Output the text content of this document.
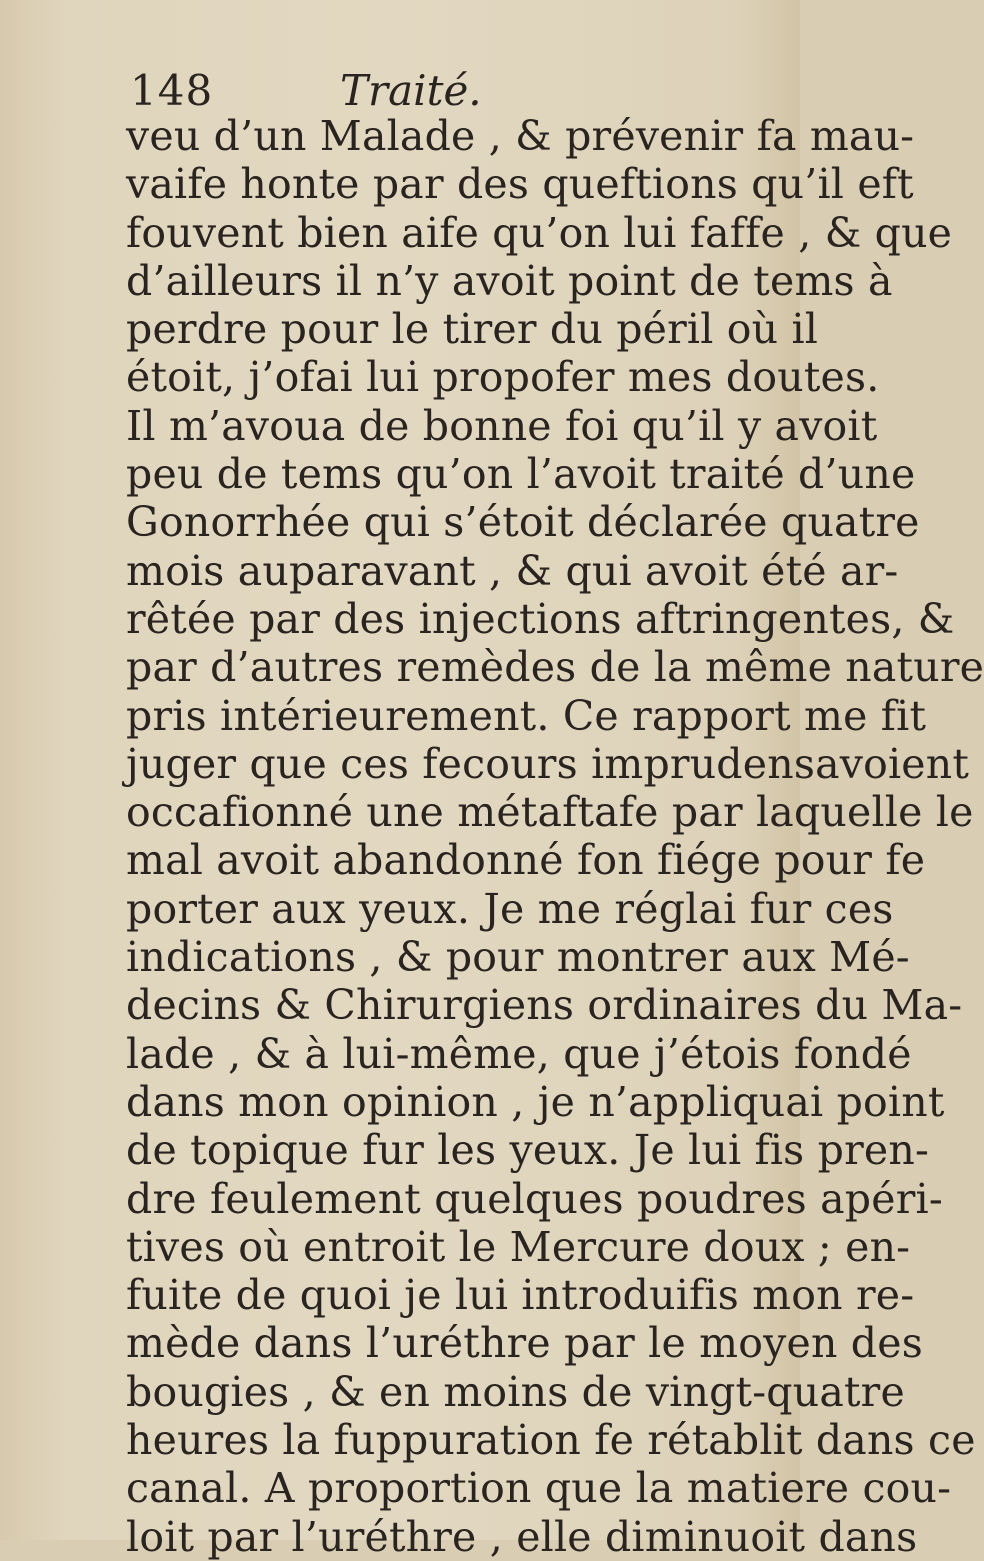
148	Traité.
veu d’un Malade , & prévenir fa mau-
vaife honte par des queftions qu’il eft
fouvent bien aife qu’on lui faffe , & que
d’ailleurs il n’y avoit point de tems à
perdre pour le tirer du péril où il
étoit, j’ofai lui propofer mes doutes.
Il m’avoua de bonne foi qu’il y avoit
peu de tems qu’on l’avoit traité d’une
Gonorrhée qui s’étoit déclarée quatre
mois auparavant , & qui avoit été ar-
rêtée par des injections aftringentes, &
par d’autres remèdes de la même nature
pris intérieurement. Ce rapport me fit
juger que ces fecours imprudensavoient
occafionné une métaftafe par laquelle le
mal avoit abandonné fon fiége pour fe
porter aux yeux. Je me réglai fur ces
indications , & pour montrer aux Mé-
decins & Chirurgiens ordinaires du Ma-
lade , & à lui-même, que j’étois fondé
dans mon opinion , je n’appliquai point
de topique fur les yeux. Je lui fis pren-
dre feulement quelques poudres apéri-
tives où entroit le Mercure doux ; en-
fuite de quoi je lui introduifis mon re-
mède dans l’uréthre par le moyen des
bougies , & en moins de vingt-quatre
heures la fuppuration fe rétablit dans ce
canal. A proportion que la matiere cou-
loit par l’uréthre , elle diminuoit dans
